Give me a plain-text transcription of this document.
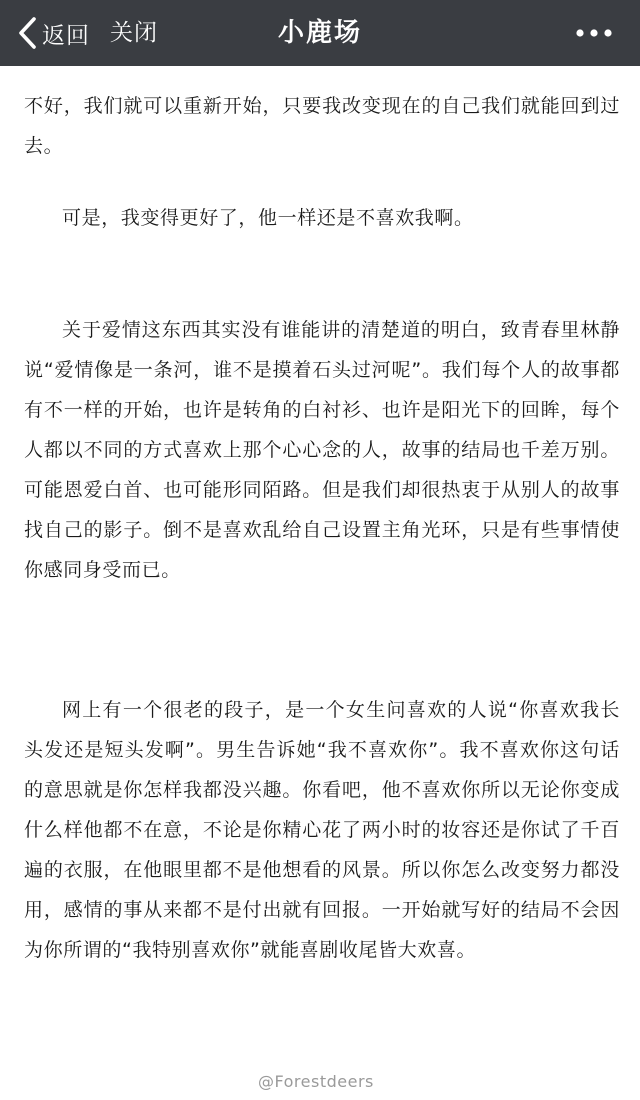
返回 关闭	小鹿场

不好，我们就可以重新开始，只要我改变现在的自己我们就能回到过去。

可是，我变得更好了，他一样还是不喜欢我啊。

关于爱情这东西其实没有谁能讲的清楚道的明白，致青春里林静说“爱情像是一条河，谁不是摸着石头过河呢”。我们每个人的故事都有不一样的开始，也许是转角的白衬衫、也许是阳光下的回眸，每个人都以不同的方式喜欢上那个心心念的人，故事的结局也千差万别。可能恩爱白首、也可能形同陌路。但是我们却很热衷于从别人的故事找自己的影子。倒不是喜欢乱给自己设置主角光环，只是有些事情使你感同身受而已。

网上有一个很老的段子，是一个女生问喜欢的人说“你喜欢我长头发还是短头发啊”。男生告诉她“我不喜欢你”。我不喜欢你这句话的意思就是你怎样我都没兴趣。你看吧，他不喜欢你所以无论你变成什么样他都不在意，不论是你精心花了两小时的妆容还是你试了千百遍的衣服，在他眼里都不是他想看的风景。所以你怎么改变努力都没用，感情的事从来都不是付出就有回报。一开始就写好的结局不会因为你所谓的“我特别喜欢你”就能喜剧收尾皆大欢喜。

@Forestdeers
